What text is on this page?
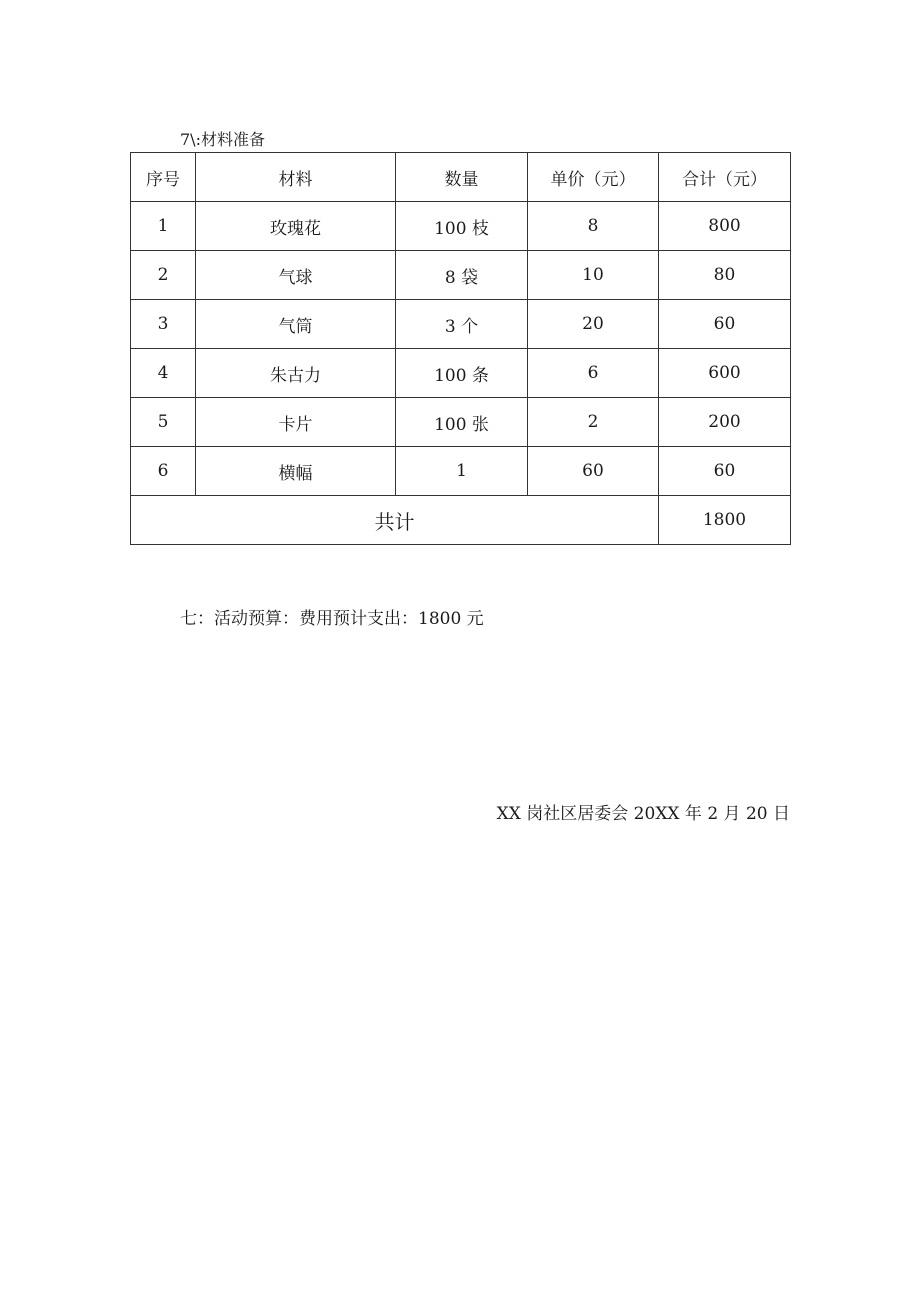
7\:材料准备
序号	材料	数量	单价（元）	合计（元）
1	玫瑰花	100 枝	8	800
2	气球	8 袋	10	80
3	气筒	3 个	20	60
4	朱古力	100 条	6	600
5	卡片	100 张	2	200
6	横幅	1	60	60
共计				1800
七：活动预算：费用预计支出：1800 元
XX 岗社区居委会 20XX 年 2 月 20 日
